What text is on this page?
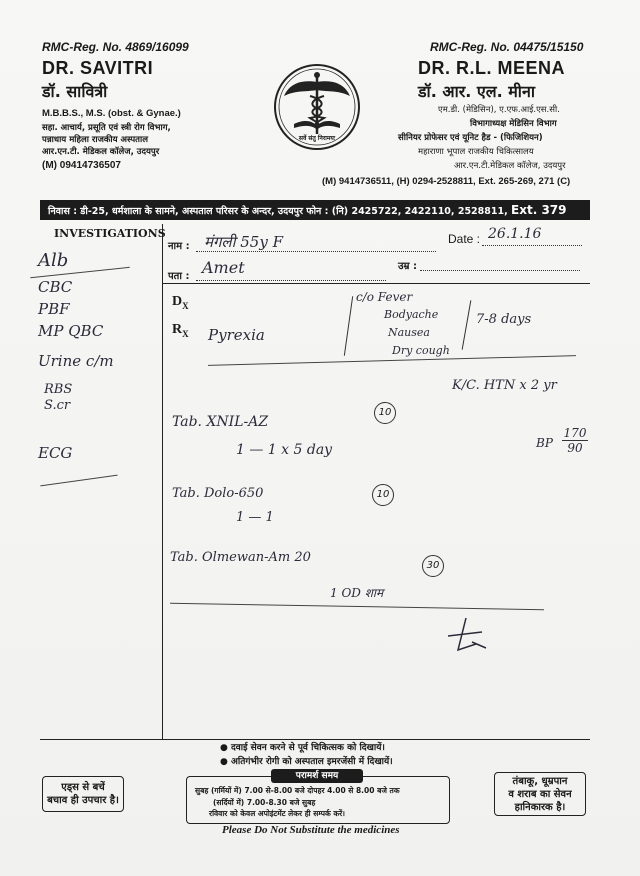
RMC-Reg. No. 4869/16099
DR. SAVITRI
डॉ. सावित्री
M.B.B.S., M.S. (obst. & Gynae.)
सहा. आचार्य, प्रसूति एवं स्त्री रोग विभाग,
पन्नाधाय महिला राजकीय अस्पताल
आर.एन.टी. मेडिकल कॉलेज, उदयपुर
(M) 09414736507
सर्वे संतु निरामयः
RMC-Reg. No. 04475/15150
DR. R.L. MEENA
डॉ. आर. एल. मीना
एम.डी. (मेडिसिन), ए.एफ.आई.एस.सी.
विभागाध्यक्ष मेडिसिन विभाग
सीनियर प्रोफेसर एवं यूनिट हैड - (फिजिशियन)
महाराणा भूपाल राजकीय चिकित्सालय
आर.एन.टी.मेडिकल कॉलेज, उदयपुर
(M) 9414736511, (H) 0294-2528811, Ext. 265-269, 271 (C)
निवास : डी-25, धर्मशाला के सामने, अस्पताल परिसर के अन्दर, उदयपुर फोन : (नि) 2425722, 2422110, 2528811, Ext. 379
INVESTIGATIONS
नाम : मंगली 55y F	Date : 26.1.16
पता : Amet	उम्र :
$D_X$
$R_X$
Alb
CBC
PBF
MP QBC
Urine c/m
RBS
S.cr
ECG
Pyrexia
c/o Fever
Bodyache
Nausea
Dry cough
7-8 days
K/C. HTN x 2 yr
BP
170
90
Tab. XNIL-AZ
10
1 — 1 x 5 day
Tab. Dolo-650	10
1 — 1
Tab. Olmewan-Am 20
30
1 OD शाम
● दवाई सेवन करने से पूर्व चिकित्सक को दिखायें।
● अतिगंभीर रोगी को अस्पताल इमरजेंसी में दिखायें।
एड्स से बचें
बचाव ही उपचार है।
परामर्श समय
सुबह (गर्मियों में) 7.00 से-8.00 बजे दोपहर 4.00 से 8.00 बजे तक
(सर्दियों में) 7.00-8.30 बजे सुबह
रविवार को केवल अपोइंटमेंट लेकर ही सम्पर्क करें।
तंबाकू, धूम्रपान
व शराब का सेवन
हानिकारक है।
Please Do Not Substitute the medicines
